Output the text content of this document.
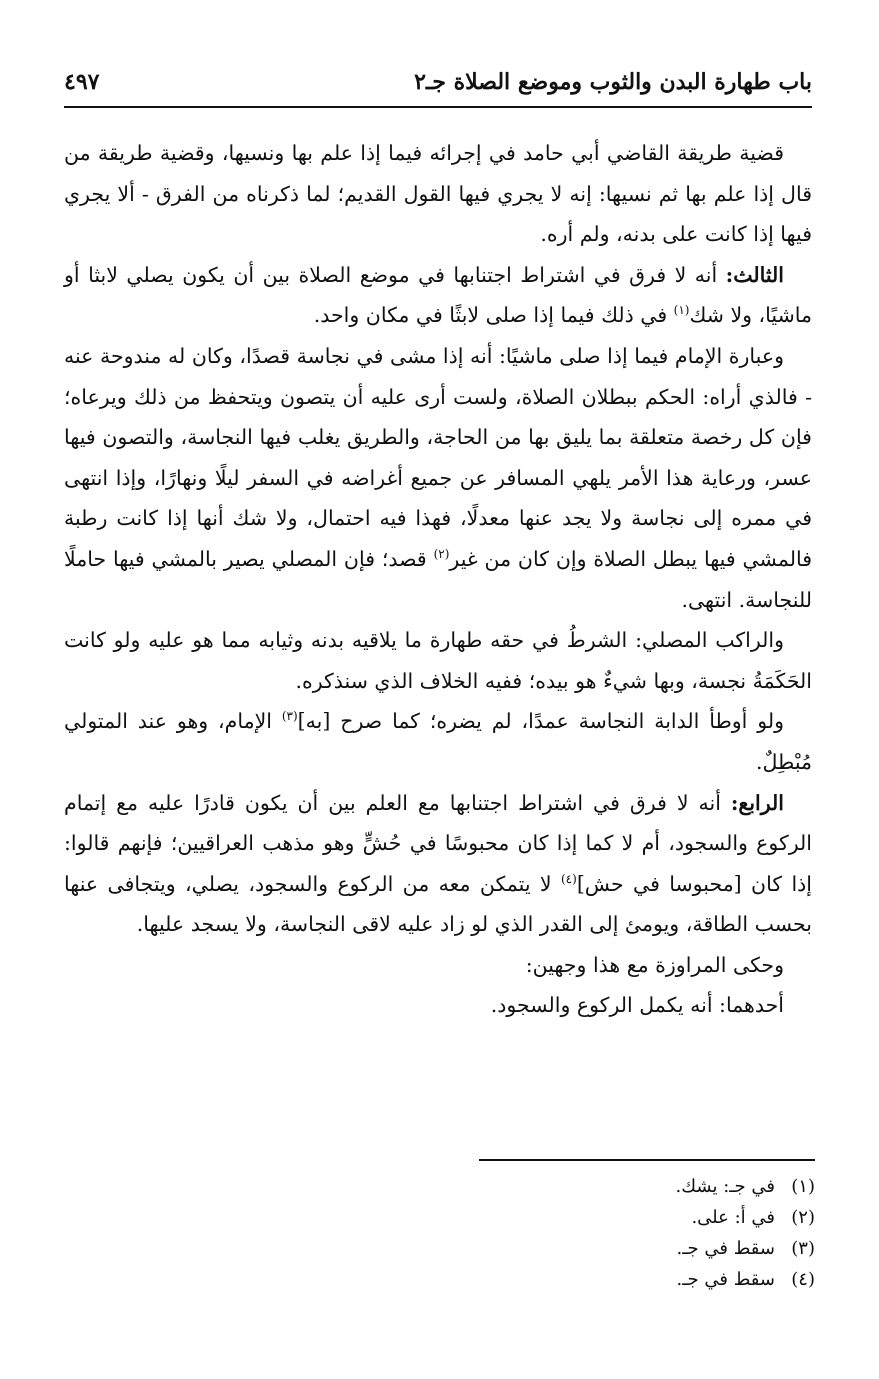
باب طهارة البدن والثوب وموضع الصلاة جـ٢
٤٩٧

قضية طريقة القاضي أبي حامد في إجرائه فيما إذا علم بها ونسيها، وقضية طريقة من قال إذا علم بها ثم نسيها: إنه لا يجري فيها القول القديم؛ لما ذكرناه من الفرق - ألا يجري فيها إذا كانت على بدنه، ولم أره.

الثالث: أنه لا فرق في اشتراط اجتنابها في موضع الصلاة بين أن يكون يصلي لابثا أو ماشيًا، ولا شك$^{(١)}$ في ذلك فيما إذا صلى لابثًا في مكان واحد.

وعبارة الإمام فيما إذا صلى ماشيًا: أنه إذا مشى في نجاسة قصدًا، وكان له مندوحة عنه - فالذي أراه: الحكم ببطلان الصلاة، ولست أرى عليه أن يتصون ويتحفظ من ذلك ويرعاه؛ فإن كل رخصة متعلقة بما يليق بها من الحاجة، والطريق يغلب فيها النجاسة، والتصون فيها عسر، ورعاية هذا الأمر يلهي المسافر عن جميع أغراضه في السفر ليلًا ونهارًا، وإذا انتهى في ممره إلى نجاسة ولا يجد عنها معدلًا، فهذا فيه احتمال، ولا شك أنها إذا كانت رطبة فالمشي فيها يبطل الصلاة وإن كان من غير$^{(٢)}$ قصد؛ فإن المصلي يصير بالمشي فيها حاملًا للنجاسة. انتهى.

والراكب المصلي: الشرطُ في حقه طهارة ما يلاقيه بدنه وثيابه مما هو عليه ولو كانت الحَكَمَةُ نجسة، وبها شيءٌ هو بيده؛ ففيه الخلاف الذي سنذكره.

ولو أوطأ الدابة النجاسة عمدًا، لم يضره؛ كما صرح [به]$^{(٣)}$ الإمام، وهو عند المتولي مُبْطِلٌ.

الرابع: أنه لا فرق في اشتراط اجتنابها مع العلم بين أن يكون قادرًا عليه مع إتمام الركوع والسجود، أم لا كما إذا كان محبوسًا في حُشٍّ وهو مذهب العراقيين؛ فإنهم قالوا: إذا كان [محبوسا في حش]$^{(٤)}$ لا يتمكن معه من الركوع والسجود، يصلي، ويتجافى عنها بحسب الطاقة، ويومئ إلى القدر الذي لو زاد عليه لاقى النجاسة، ولا يسجد عليها.

وحكى المراوزة مع هذا وجهين:

أحدهما: أنه يكمل الركوع والسجود.

(١)في جـ: يشك.

(٢)في أ: على.

(٣)سقط في جـ.

(٤)سقط في جـ.
